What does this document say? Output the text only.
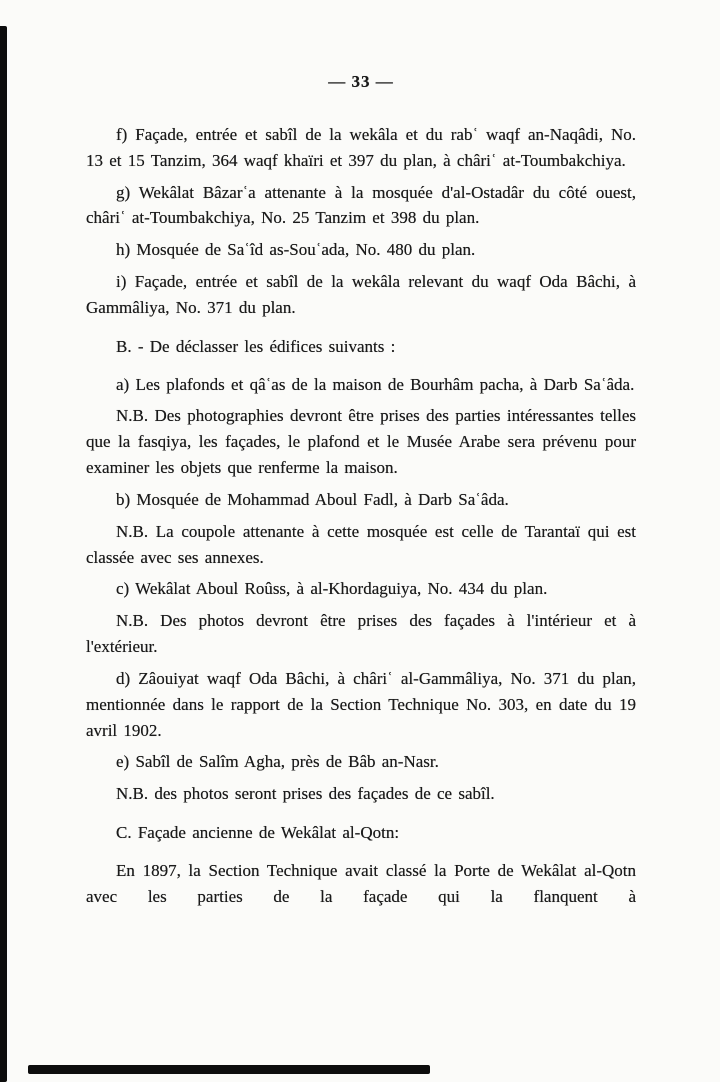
— 33 —

f) Façade, entrée et sabîl de la wekâla et du rabʿ waqf an-Naqâdi, No. 13 et 15 Tanzim, 364 waqf khaïri et 397 du plan, à châriʿ at-Toumbakchiya.

g) Wekâlat Bâzarʿa attenante à la mosquée d'al-Ostadâr du côté ouest, châriʿ at-Toumbakchiya, No. 25 Tanzim et 398 du plan.

h) Mosquée de Saʿîd as-Souʿada, No. 480 du plan.

i) Façade, entrée et sabîl de la wekâla relevant du waqf Oda Bâchi, à Gammâliya, No. 371 du plan.

B. - De déclasser les édifices suivants :

a) Les plafonds et qâʿas de la maison de Bourhâm pacha, à Darb Saʿâda.

N.B. Des photographies devront être prises des parties intéressantes telles que la fasqiya, les façades, le plafond et le Musée Arabe sera prévenu pour examiner les objets que renferme la maison.

b) Mosquée de Mohammad Aboul Fadl, à Darb Saʿâda.

N.B. La coupole attenante à cette mosquée est celle de Tarantaï qui est classée avec ses annexes.

c) Wekâlat Aboul Roûss, à al-Khordaguiya, No. 434 du plan.

N.B. Des photos devront être prises des façades à l'intérieur et à l'extérieur.

d) Zâouiyat waqf Oda Bâchi, à châriʿ al-Gammâliya, No. 371 du plan, mentionnée dans le rapport de la Section Technique No. 303, en date du 19 avril 1902.

e) Sabîl de Salîm Agha, près de Bâb an-Nasr.

N.B. des photos seront prises des façades de ce sabîl.

C. Façade ancienne de Wekâlat al-Qotn:

En 1897, la Section Technique avait classé la Porte de Wekâlat al-Qotn avec les parties de la façade qui la flanquent à
